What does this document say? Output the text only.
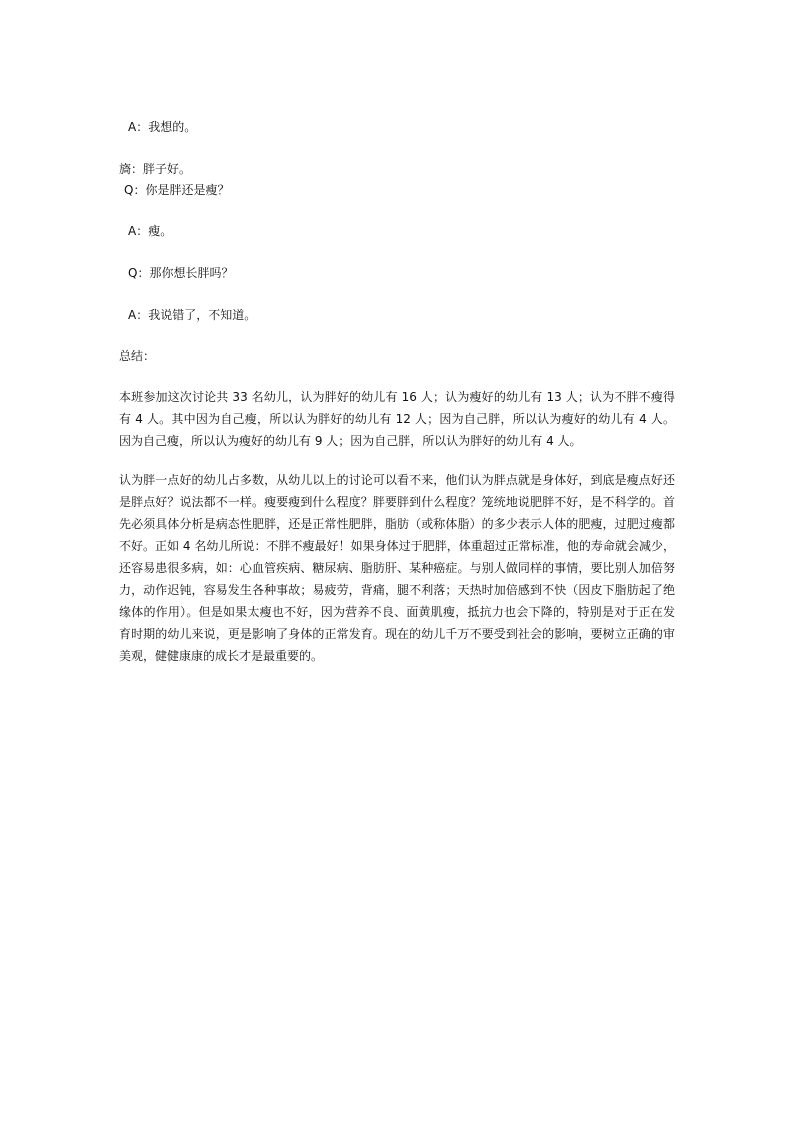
A：我想的。

旖：胖子好。

Q：你是胖还是瘦？

A：瘦。

Q：那你想长胖吗？

A：我说错了，不知道。

总结：

本班参加这次讨论共 33 名幼儿，认为胖好的幼儿有 16 人；认为瘦好的幼儿有 13 人；认为不胖不瘦得有 4 人。其中因为自己瘦，所以认为胖好的幼儿有 12 人；因为自己胖，所以认为瘦好的幼儿有 4 人。因为自己瘦，所以认为瘦好的幼儿有 9 人；因为自己胖，所以认为胖好的幼儿有 4 人。

认为胖一点好的幼儿占多数，从幼儿以上的讨论可以看不来，他们认为胖点就是身体好，到底是瘦点好还是胖点好？说法都不一样。瘦要瘦到什么程度？胖要胖到什么程度？笼统地说肥胖不好，是不科学的。首先必须具体分析是病态性肥胖，还是正常性肥胖，脂肪（或称体脂）的多少表示人体的肥瘦，过肥过瘦都不好。正如 4 名幼儿所说：不胖不瘦最好！如果身体过于肥胖，体重超过正常标准，他的寿命就会减少，还容易患很多病，如：心血管疾病、糖尿病、脂肪肝、某种癌症。与别人做同样的事情，要比别人加倍努力，动作迟钝，容易发生各种事故；易疲劳，背痛，腿不利落；天热时加倍感到不快（因皮下脂肪起了绝缘体的作用）。但是如果太瘦也不好，因为营养不良、面黄肌瘦，抵抗力也会下降的，特别是对于正在发育时期的幼儿来说，更是影响了身体的正常发育。现在的幼儿千万不要受到社会的影响，要树立正确的审美观，健健康康的成长才是最重要的。
